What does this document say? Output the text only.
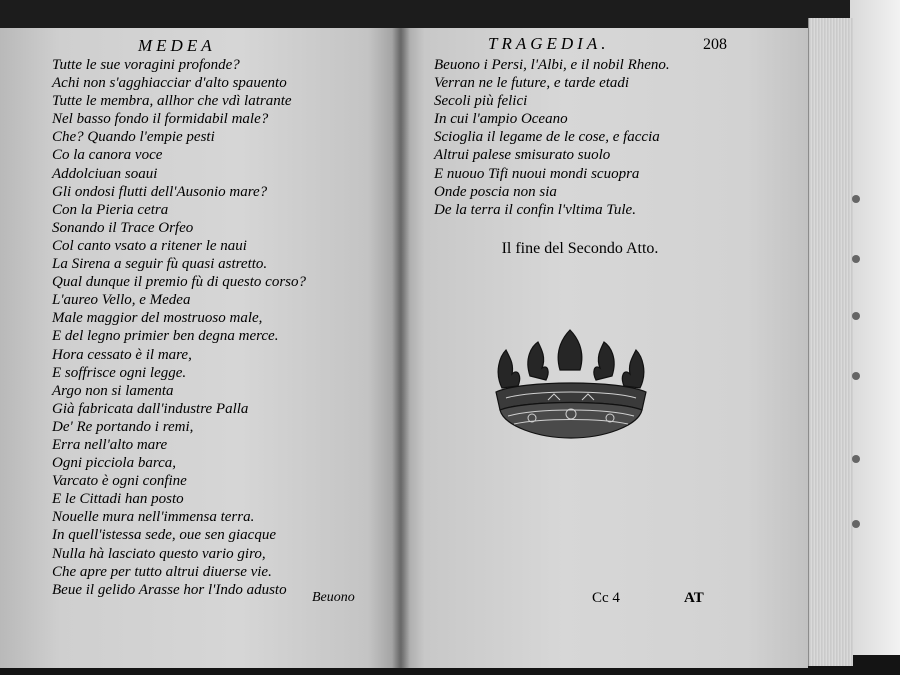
MEDEA
Tutte le sue voragini profonde?
Achi non s'agghiacciar d'alto spauento
Tutte le membra, allhor che vdì latrante
Nel basso fondo il formidabil male?
Che? Quando l'empie pesti
Co la canora voce
Addolciuan soaui
Gli ondosi flutti dell'Ausonio mare?
Con la Pieria cetra
Sonando il Trace Orfeo
Col canto vsato a ritener le naui
La Sirena a seguir fù quasi astretto.
Qual dunque il premio fù di questo corso?
L'aureo Vello, e Medea
Male maggior del mostruoso male,
E del legno primier ben degna merce.
Hora cessato è il mare,
E soffrisce ogni legge.
Argo non si lamenta
Già fabricata dall'industre Palla
De' Re portando i remi,
Erra nell'alto mare
Ogni picciola barca,
Varcato è ogni confine
E le Cittadi han posto
Nouelle mura nell'immensa terra.
In quell'istessa sede, oue sen giacque
Nulla hà lasciato questo vario giro,
Che apre per tutto altrui diuerse vie.
Beue il gelido Arasse hor l'Indo adusto	Beuono
TRAGEDIA.	208
Beuono i Persi, l'Albi, e il nobil Rheno.
Verran ne le future, e tarde etadi
Secoli più felici
In cui l'ampio Oceano
Scioglia il legame de le cose, e faccia
Altrui palese smisurato suolo
E nuouo Tifi nuoui mondi scuopra
Onde poscia non sia
De la terra il confin l'vltima Tule.
Il fine del Secondo Atto.
Cc 4	AT
